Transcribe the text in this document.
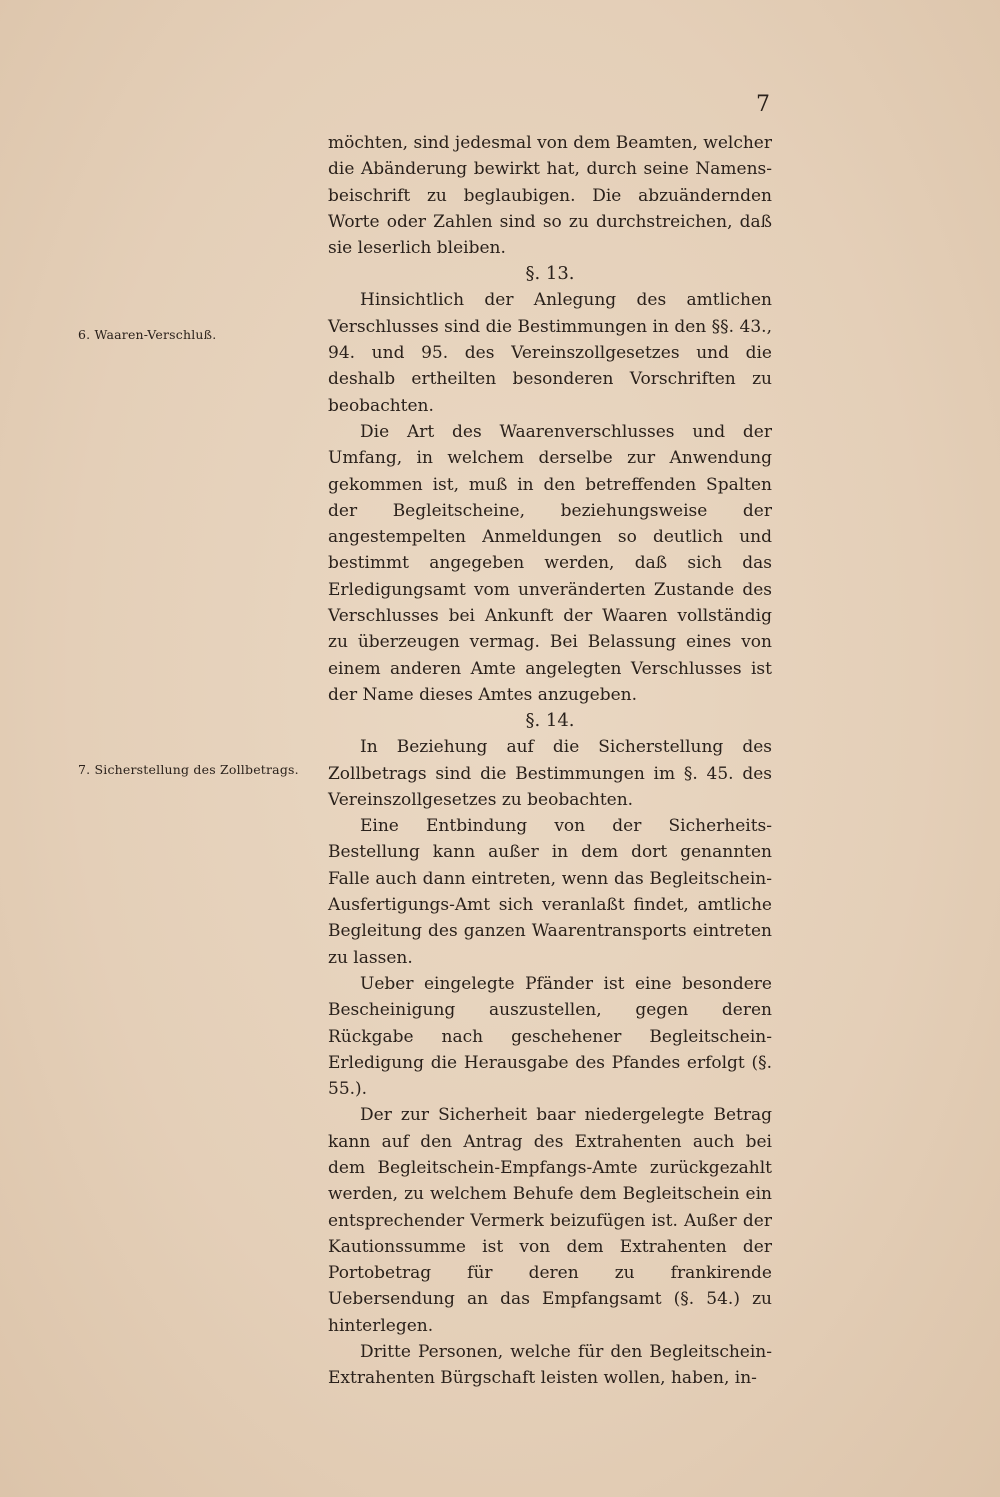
7
6. Waaren-Verschluß.
7. Sicherstellung des Zollbetrags.

möchten, sind jedesmal von dem Beamten, welcher die Abänderung bewirkt hat, durch seine Namens-beischrift zu beglaubigen. Die abzuändernden Worte oder Zahlen sind so zu durchstreichen, daß sie leserlich bleiben.

§. 13.

Hinsichtlich der Anlegung des amtlichen Verschlusses sind die Bestimmungen in den §§. 43., 94. und 95. des Vereinszollgesetzes und die deshalb ertheilten besonderen Vorschriften zu beobachten.

Die Art des Waarenverschlusses und der Umfang, in welchem derselbe zur Anwendung gekommen ist, muß in den betreffenden Spalten der Begleitscheine, beziehungsweise der angestempelten Anmeldungen so deutlich und bestimmt angegeben werden, daß sich das Erledigungsamt vom unveränderten Zustande des Verschlusses bei Ankunft der Waaren vollständig zu überzeugen vermag. Bei Belassung eines von einem anderen Amte angelegten Verschlusses ist der Name dieses Amtes anzugeben.

§. 14.

In Beziehung auf die Sicherstellung des Zollbetrags sind die Bestimmungen im §. 45. des Vereinszollgesetzes zu beobachten.

Eine Entbindung von der Sicherheits-Bestellung kann außer in dem dort genannten Falle auch dann eintreten, wenn das Begleitschein-Ausfertigungs-Amt sich veranlaßt findet, amtliche Begleitung des ganzen Waarentransports eintreten zu lassen.

Ueber eingelegte Pfänder ist eine besondere Bescheinigung auszustellen, gegen deren Rückgabe nach geschehener Begleitschein-Erledigung die Herausgabe des Pfandes erfolgt (§. 55.).

Der zur Sicherheit baar niedergelegte Betrag kann auf den Antrag des Extrahenten auch bei dem Begleitschein-Empfangs-Amte zurückgezahlt werden, zu welchem Behufe dem Begleitschein ein entsprechender Vermerk beizufügen ist. Außer der Kautionssumme ist von dem Extrahenten der Portobetrag für deren zu frankirende Uebersendung an das Empfangsamt (§. 54.) zu hinterlegen.

Dritte Personen, welche für den Begleitschein-Extrahenten Bürgschaft leisten wollen, haben, in-
